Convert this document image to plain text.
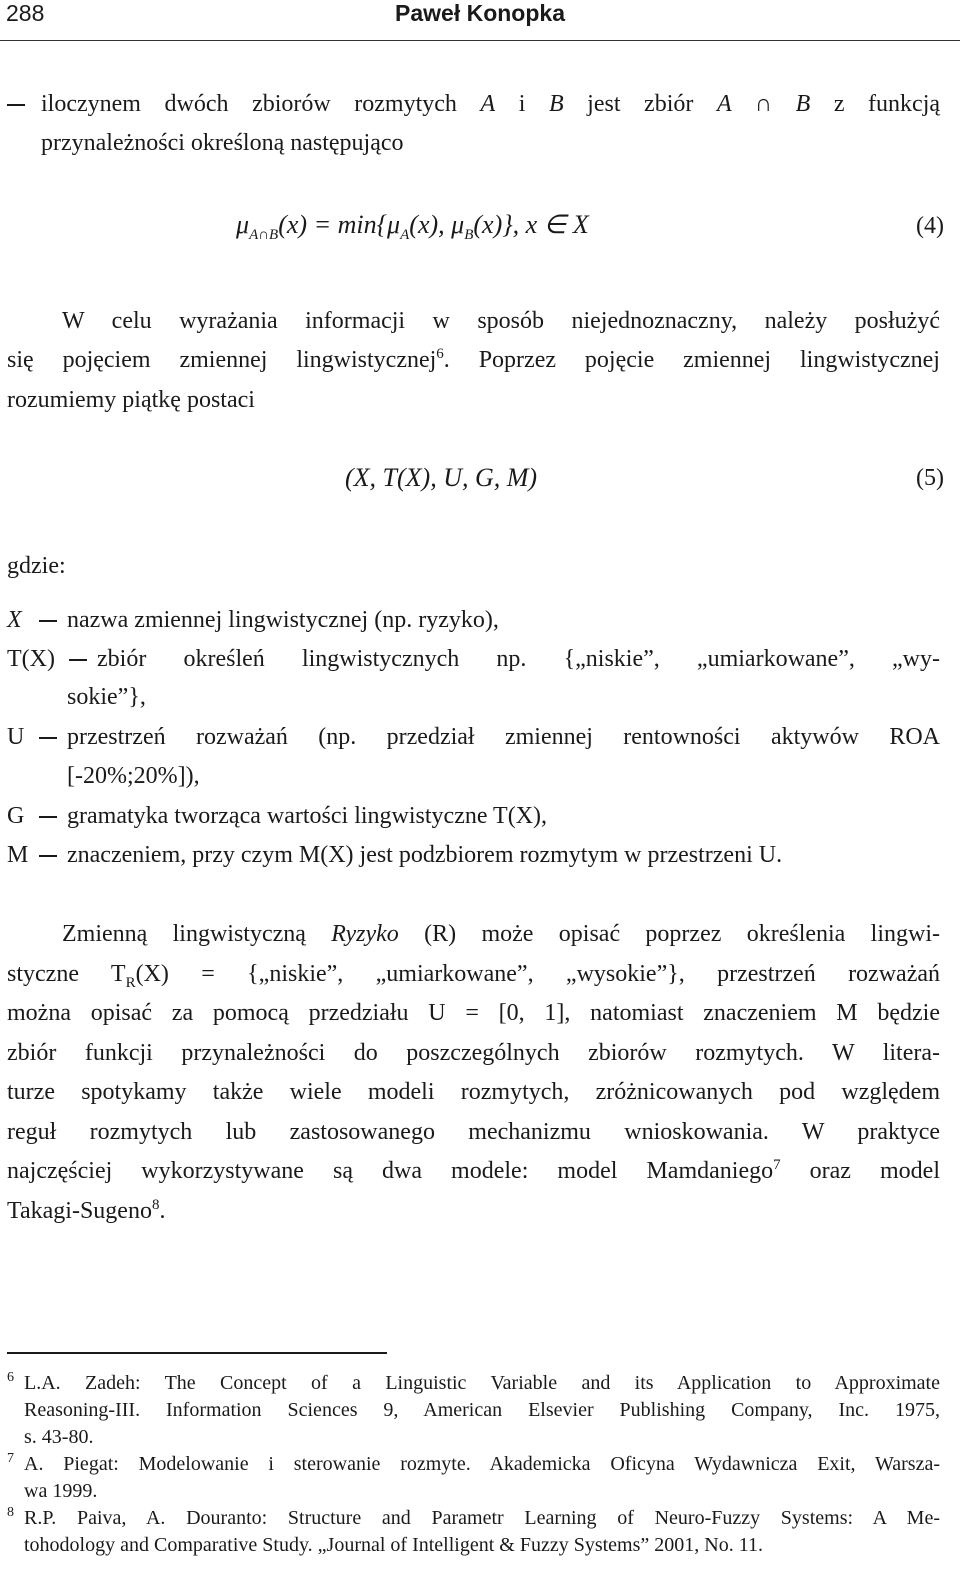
288	Paweł Konopka
iloczynem dwóch zbiorów rozmytych A i B jest zbiór A ∩ B z funkcją
przynależności określoną następująco
$\mu_{A\cap B}(x) = \min\{\mu_A(x)$, $\mu_B(x)$}, x ∈ X	(4)
W celu wyrażania informacji w sposób niejednoznaczny, należy posłużyć
się pojęciem zmiennej lingwistycznej$^6$. Poprzez pojęcie zmiennej lingwistycznej
rozumiemy piątkę postaci
(X, T(X), U, G, M)	(5)
gdzie:
X nazwa zmiennej lingwistycznej (np. ryzyko),
T(X) zbiór określeń lingwistycznych np. {„niskie”, „umiarkowane”, „wy-
sokie”},
U przestrzeń rozważań (np. przedział zmiennej rentowności aktywów ROA
[-20%;20%]),
G gramatyka tworząca wartości lingwistyczne T(X),
M znaczeniem, przy czym M(X) jest podzbiorem rozmytym w przestrzeni U.
Zmienną lingwistyczną Ryzyko (R) może opisać poprzez określenia lingwi-
styczne $T_R(X)$ = {„niskie”, „umiarkowane”, „wysokie”}, przestrzeń rozważań
można opisać za pomocą przedziału U = [0, 1], natomiast znaczeniem M będzie
zbiór funkcji przynależności do poszczególnych zbiorów rozmytych. W litera-
turze spotykamy także wiele modeli rozmytych, zróżnicowanych pod względem
reguł rozmytych lub zastosowanego mechanizmu wnioskowania. W praktyce
najczęściej wykorzystywane są dwa modele: model Mamdaniego$^7$ oraz model
Takagi-Sugeno$^8$.
6 L.A. Zadeh: The Concept of a Linguistic Variable and its Application to Approximate
Reasoning-III. Information Sciences 9, American Elsevier Publishing Company, Inc. 1975,
s. 43-80.
7 A. Piegat: Modelowanie i sterowanie rozmyte. Akademicka Oficyna Wydawnicza Exit, Warsza-
wa 1999.
8 R.P. Paiva, A. Douranto: Structure and Parametr Learning of Neuro-Fuzzy Systems: A Me-
tohodology and Comparative Study. „Journal of Intelligent & Fuzzy Systems” 2001, No. 11.
